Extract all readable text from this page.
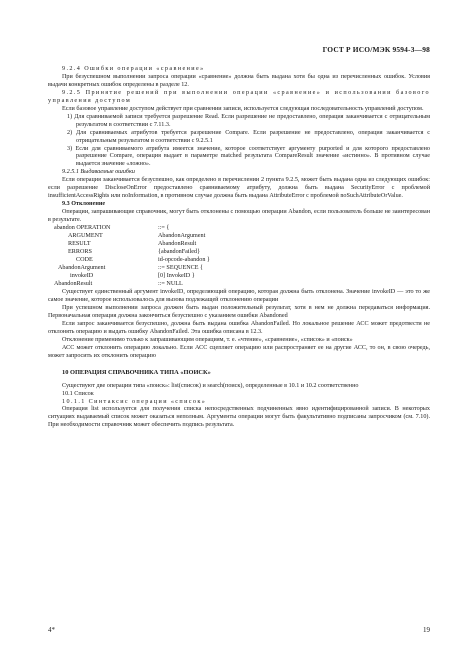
ГОСТ Р ИСО/МЭК 9594-3—98

9.2.4 Ошибки операции «сравнение»

При безуспешном выполнении запроса операции «сравнение» должна быть выдана хотя бы одна из перечисленных ошибок. Условия выдачи конкретных ошибок определены в разделе 12.

9.2.5 Принятие решений при выполнении операции «сравнение» и использовании базового управления доступом

Если базовое управление доступом действует при сравнении записи, используется следующая последовательность управлений доступом.

1) Для сравниваемой записи требуется разрешение Read. Если разрешение не предоставлено, операция заканчивается с отрицательным результатом в соответствии с 7.11.3.

2) Для сравниваемых атрибутов требуется разрешение Compare. Если разрешение не предоставлено, операция заканчивается с отрицательным результатом в соответствии с 9.2.5.1

3) Если для сравниваемого атрибута имеется значение, которое соответствует аргументу purported и для которого предоставлено разрешение Compare, операция выдает в параметре matched результата CompareResult значение «истинно». В противном случае выдается значение «ложно».

9.2.5.1 Выдаваемые ошибки

Если операция заканчивается безуспешно, как определено в перечислении 2 пункта 9.2.5, может быть выдана одна из следующих ошибок: если разрешение DiscloseOnError предоставлено сравниваемому атрибуту, должна быть выдана SecurityError с проблемой insufficientAccessRights или noInformation, в противном случае должна быть выдана AttributeError с проблемой noSuchAttributeOrValue.

9.3 Отклонение

Операции, запрашивающие справочник, могут быть отклонены с помощью операции Abandon, если пользователь больше не заинтересован в результате.

abandon OPERATION	::= {
ARGUMENT	AbandonArgument
RESULT	AbandonResult
ERRORS	{abandonFailed}
CODE	id-opcode-abandon }
AbandonArgument	::= SEQUENCE {
invokeID	[0] InvokeID }
AbandonResult	::= NULL

Существует единственный аргумент invokeID, определяющий операцию, которая должна быть отклонена. Значение invokeID — это то же самое значение, которое использовалось для вызова подлежащей отклонению операции

При успешном выполнении запроса должен быть выдан положительный результат, хотя в нем не должна передаваться информация. Первоначальная операция должна закончиться безуспешно с указанием ошибки Abandoned

Если запрос заканчивается безуспешно, должна быть выдана ошибка AbandonFailed. Но локальное решение АСС может предотвести не отклонять операцию и выдать ошибку AbandonFailed. Эта ошибка описана в 12.3.

Отклонение применимо только к запрашивающим операциям, т. е. «чтение», «сравнение», «список» и «поиск»

АСС может отклонить операцию локально. Если АСС сцепляет операцию или распространяет ее на другие АСС, то он, в свою очередь, может запросить их отклонить операцию

10 ОПЕРАЦИЯ СПРАВОЧНИКА ТИПА «ПОИСК»

Существуют две операции типа «поиск»: list(список) и search(поиск), определенные в 10.1 и 10.2 соответственно

10.1 Список

10.1.1 Синтаксис операции «список»

Операция list используется для получения списка непосредственных подчиненных явно идентифицированной записи. В некоторых ситуациях выдаваемый список может оказаться неполным. Аргументы операции могут быть факультативно подписаны запросчиком (см. 7.10). При необходимости справочник может обеспечить подпись результата.

4*	19
